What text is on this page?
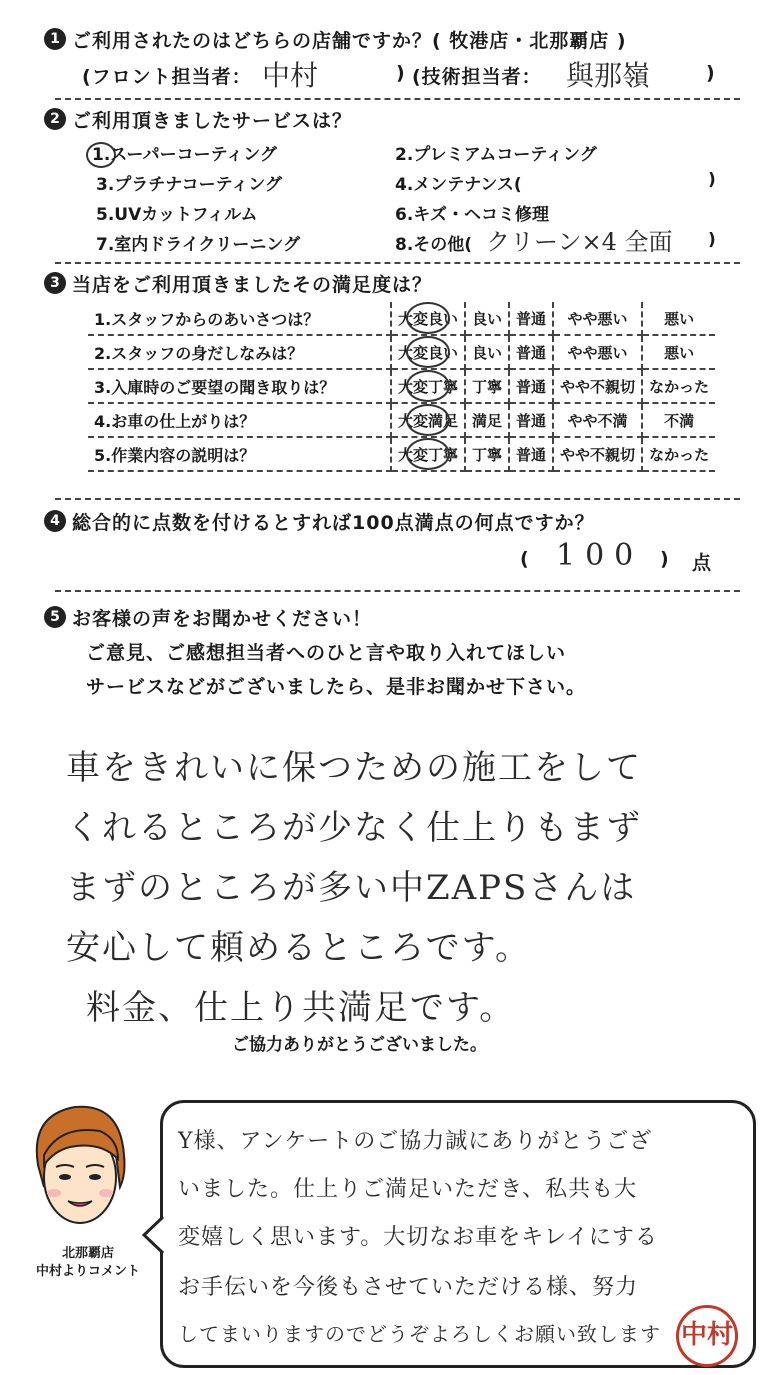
1 ご利用されたのはどちらの店舗ですか？( 牧港店・北那覇店 )
(フロント担当者： 中村	) (技術担当者： 與那嶺	)
2 ご利用頂きましたサービスは？
1.スーパーコーティング	2.プレミアムコーティング
3.プラチナコーティング	4.メンテナンス(	)
5.UVカットフィルム	6.キズ・ヘコミ修理
7.室内ドライクリーニング	8.その他( クリーン×4 全面 )
3 当店をご利用頂きましたその満足度は？
1.スタッフからのあいさつは？	大変良い	良い	普通	やや悪い	悪い
2.スタッフの身だしなみは？	大変良い	良い	普通	やや悪い	悪い
3.入庫時のご要望の聞き取りは？	大変丁寧	丁寧	普通	やや不親切	なかった
4.お車の仕上がりは？	大変満足	満足	普通	やや不満	不満
5.作業内容の説明は？	大変丁寧	丁寧	普通	やや不親切	なかった
4 総合的に点数を付けるとすれば100点満点の何点ですか？
( 100 ) 点
5 お客様の声をお聞かせください！
ご意見、ご感想担当者へのひと言や取り入れてほしい
サービスなどがございましたら、是非お聞かせ下さい。
車をきれいに保つための施工をして
くれるところが少なく仕上りもまず
まずのところが多い中ZAPSさんは
安心して頼めるところです。
料金、仕上り共満足です。
ご協力ありがとうございました。
北那覇店
中村よりコメント
Y様、アンケートのご協力誠にありがとうござ
いました。仕上りご満足いただき、私共も大
変嬉しく思います。大切なお車をキレイにする
お手伝いを今後もさせていただける様、努力
してまいりますのでどうぞよろしくお願い致します 中村
